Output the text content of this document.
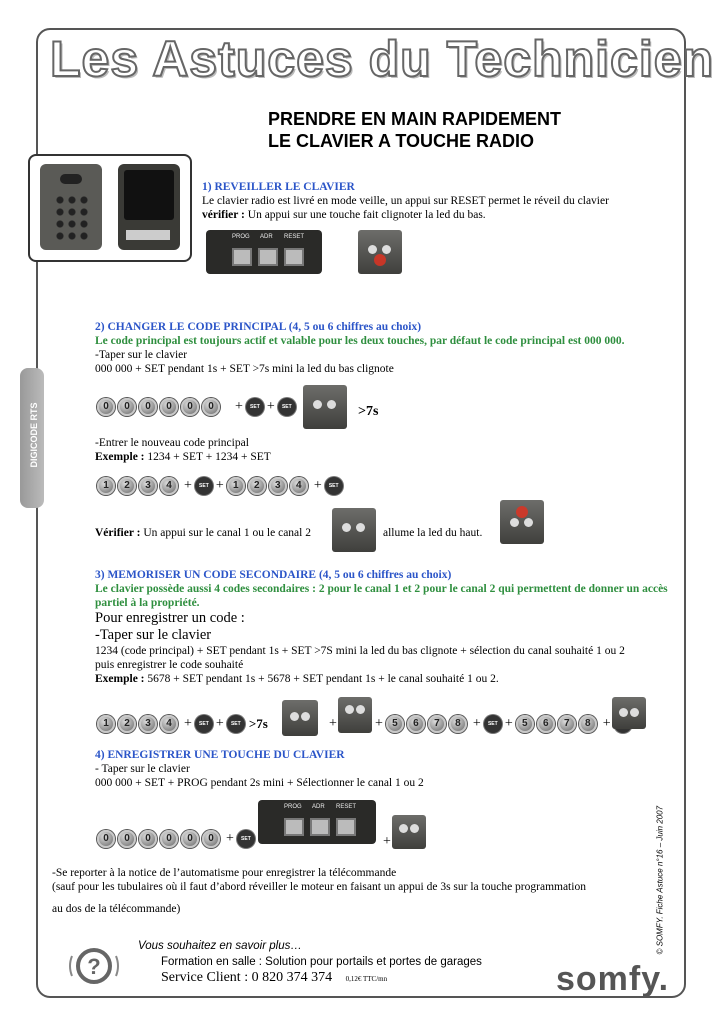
Les Astuces du Technicien
PRENDRE EN MAIN RAPIDEMENT
LE CLAVIER A TOUCHE RADIO
1) REVEILLER LE CLAVIER
Le clavier radio est livré en mode veille, un appui sur RESET permet le réveil du clavier
vérifier : Un appui sur une touche fait clignoter la led du bas.
PROG ADR RESET
2) CHANGER LE CODE PRINCIPAL (4, 5 ou 6 chiffres au choix)
Le code principal est toujours actif et valable pour les deux touches, par défaut le code principal est 000 000.
-Taper sur le clavier
000 000 + SET pendant 1s + SET >7s mini la led du bas clignote
0 0 0 0 0 0 + SET + SET	>7s
-Entrer le nouveau code principal
Exemple : 1234 + SET + 1234 + SET
1 2 3 4 + SET + 1 2 3 4 + SET
Vérifier : Un appui sur le canal 1 ou le canal 2	allume la led du haut.
3) MEMORISER UN CODE SECONDAIRE (4, 5 ou 6 chiffres au choix)
Le clavier possède aussi 4 codes secondaires : 2 pour le canal 1 et 2 pour le canal 2 qui permettent de donner un accès partiel à la propriété.
Pour enregistrer un code :
-Taper sur le clavier
1234 (code principal) + SET pendant 1s + SET >7S mini la led du bas clignote + sélection du canal souhaité 1 ou 2
puis enregistrer le code souhaité
Exemple : 5678 + SET pendant 1s + 5678 + SET pendant 1s + le canal souhaité 1 ou 2.
1 2 3 4 + SET + SET >7s	+	+ 5 6 7 8 + SET + 5 6 7 8 +
4) ENREGISTRER UNE TOUCHE DU CLAVIER
- Taper sur le clavier
000 000 + SET + PROG pendant 2s mini + Sélectionner le canal 1 ou 2
0 0 0 0 0 0 + SET
PROG ADR RESET
+
-Se reporter à la notice de l’automatisme pour enregistrer la télécommande
(sauf pour les tubulaires où il faut d’abord réveiller le moteur en faisant un appui de 3s sur la touche programmation
au dos de la télécommande)
?
Vous souhaitez en savoir plus…
Formation en salle : Solution pour portails et portes de garages
Service Client : 0 820 374 374 0,12€ TTC/mn	somfy.
DIGICODE RTS
© SOMFY. Fiche Astuce n°16 – Juin 2007
